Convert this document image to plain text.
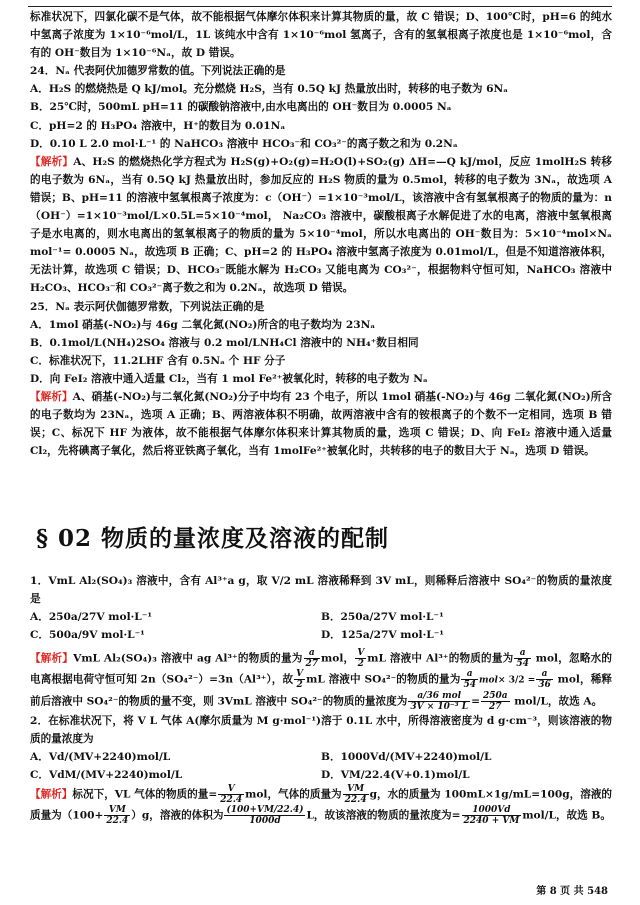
标准状况下，四氯化碳不是气体，故不能根据气体摩尔体积来计算其物质的量，故 C 错误；D、100℃时，pH=6 的纯水中氢离子浓度为 1×10⁻⁶mol/L，1L 该纯水中含有 1×10⁻⁶mol 氢离子，含有的氢氧根离子浓度也是 1×10⁻⁶mol，含有的 OH⁻数目为 1×10⁻⁶Nₐ，故 D 错误。

24．Nₐ 代表阿伏加德罗常数的值。下列说法正确的是

A．H₂S 的燃烧热是 Q kJ/mol。充分燃烧 H₂S，当有 0.5Q kJ 热量放出时，转移的电子数为 6Nₐ

B．25℃时，500mL pH=11 的碳酸钠溶液中,由水电离出的 OH⁻数目为 0.0005 Nₐ

C．pH=2 的 H₃PO₄ 溶液中，H⁺的数目为 0.01Nₐ

D．0.10 L 2.0 mol·L⁻¹ 的 NaHCO₃ 溶液中 HCO₃⁻和 CO₃²⁻的离子数之和为 0.2Nₐ

【解析】A、H₂S 的燃烧热化学方程式为 H₂S(g)+O₂(g)=H₂O(l)+SO₂(g) ΔH=—Q kJ/mol，反应 1molH₂S 转移的电子数为 6Nₐ，当有 0.5Q kJ 热量放出时，参加反应的 H₂S 物质的量为 0.5mol，转移的电子数为 3Nₐ，故选项 A 错误；B、pH=11 的溶液中氢氧根离子浓度为：c（OH⁻）=1×10⁻³mol/L，该溶液中含有氢氧根离子的物质的量为：n（OH⁻）=1×10⁻³mol/L×0.5L=5×10⁻⁴mol， Na₂CO₃ 溶液中，碳酸根离子水解促进了水的电离，溶液中氢氧根离子是水电离的，则水电离出的氢氧根离子的物质的量为 5×10⁻⁴mol，所以水电离出的 OH⁻数目为：5×10⁻⁴mol×Nₐ mol⁻¹= 0.0005 Nₐ，故选项 B 正确；C、pH=2 的 H₃PO₄ 溶液中氢离子浓度为 0.01mol/L，但是不知道溶液体积，无法计算，故选项 C 错误；D、HCO₃⁻既能水解为 H₂CO₃ 又能电离为 CO₃²⁻，根据物料守恒可知，NaHCO₃ 溶液中 H₂CO₃、HCO₃⁻和 CO₃²⁻离子数之和为 0.2Nₐ，故选项 D 错误。

25．Nₐ 表示阿伏伽德罗常数，下列说法正确的是

A．1mol 硝基(-NO₂)与 46g 二氧化氮(NO₂)所含的电子数均为 23Nₐ

B．0.1mol/L(NH₄)2SO₄ 溶液与 0.2 mol/LNH₄Cl 溶液中的 NH₄⁺数目相同

C．标准状况下，11.2LHF 含有 0.5Nₐ 个 HF 分子

D．向 FeI₂ 溶液中通入适量 Cl₂，当有 1 mol Fe²⁺被氧化时，转移的电子数为 Nₐ

【解析】A、硝基(-NO₂)与二氧化氮(NO₂)分子中均有 23 个电子，所以 1mol 硝基(-NO₂)与 46g 二氧化氮(NO₂)所含的电子数均为 23Nₐ，选项 A 正确；B、两溶液体积不明确，故两溶液中含有的铵根离子的个数不一定相同，选项 B 错误；C、标况下 HF 为液体，故不能根据气体摩尔体积来计算其物质的量，选项 C 错误；D、向 FeI₂ 溶液中通入适量 Cl₂，先将碘离子氧化，然后将亚铁离子氧化，当有 1molFe²⁺被氧化时，共转移的电子的数目大于 Nₐ，选项 D 错误。

§ 02 物质的量浓度及溶液的配制

1．VmL Al₂(SO₄)₃ 溶液中，含有 Al³⁺a g，取 V/2 mL 溶液稀释到 3V mL，则稀释后溶液中 SO₄²⁻的物质的量浓度是

A．250a/27V mol·L⁻¹	B．250a/27V mol·L⁻¹
C．500a/9V mol·L⁻¹	D．125a/27V mol·L⁻¹

【解析】VmL Al₂(SO₄)₃ 溶液中 ag Al³⁺的物质的量为 $\frac{a}{27}$ mol， $\frac{V}{2}$ mL 溶液中 Al³⁺的物质的量为 $\frac{a}{54}$ mol，忽略水的电离根据电荷守恒可知 2n（SO₄²⁻）=3n（Al³⁺），故 $\frac{V}{2}$ mL 溶液中 SO₄²⁻的物质的量为 $\frac{a}{54} mol\times 3/2 = \frac{a}{36}$ mol，稀释前后溶液中 SO₄²⁻的物质的量不变，则 3VmL 溶液中 SO₄²⁻的物质的量浓度为 $\frac{\text{a/36 mol}}{\text{3V × 10⁻³ L}} = \frac{250a}{27} mol/L$，故选 A。

2．在标准状况下，将 V L 气体 A(摩尔质量为 M g·mol⁻¹)溶于 0.1L 水中，所得溶液密度为 d g·cm⁻³，则该溶液的物质的量浓度为

A．Vd/(MV+2240)mol/L	B．1000Vd/(MV+2240)mol/L
C．VdM/(MV+2240)mol/L	D．VM/22.4(V+0.1)mol/L

【解析】标况下，VL 气体的物质的量= $\frac{V}{22.4}$ mol，气体的质量为 $\frac{VM}{22.4}$ g，水的质量为 100mL×1g/mL=100g，溶液的质量为$(100+ \frac{VM}{22.4} )g$，溶液的体积为 $\frac{(100+VM/22.4)}{1000d}$ L，故该溶液的物质的量浓度为= $\frac{1000Vd}{2240 + VM} mol/L$，故选 B。

第 8 页 共 548
